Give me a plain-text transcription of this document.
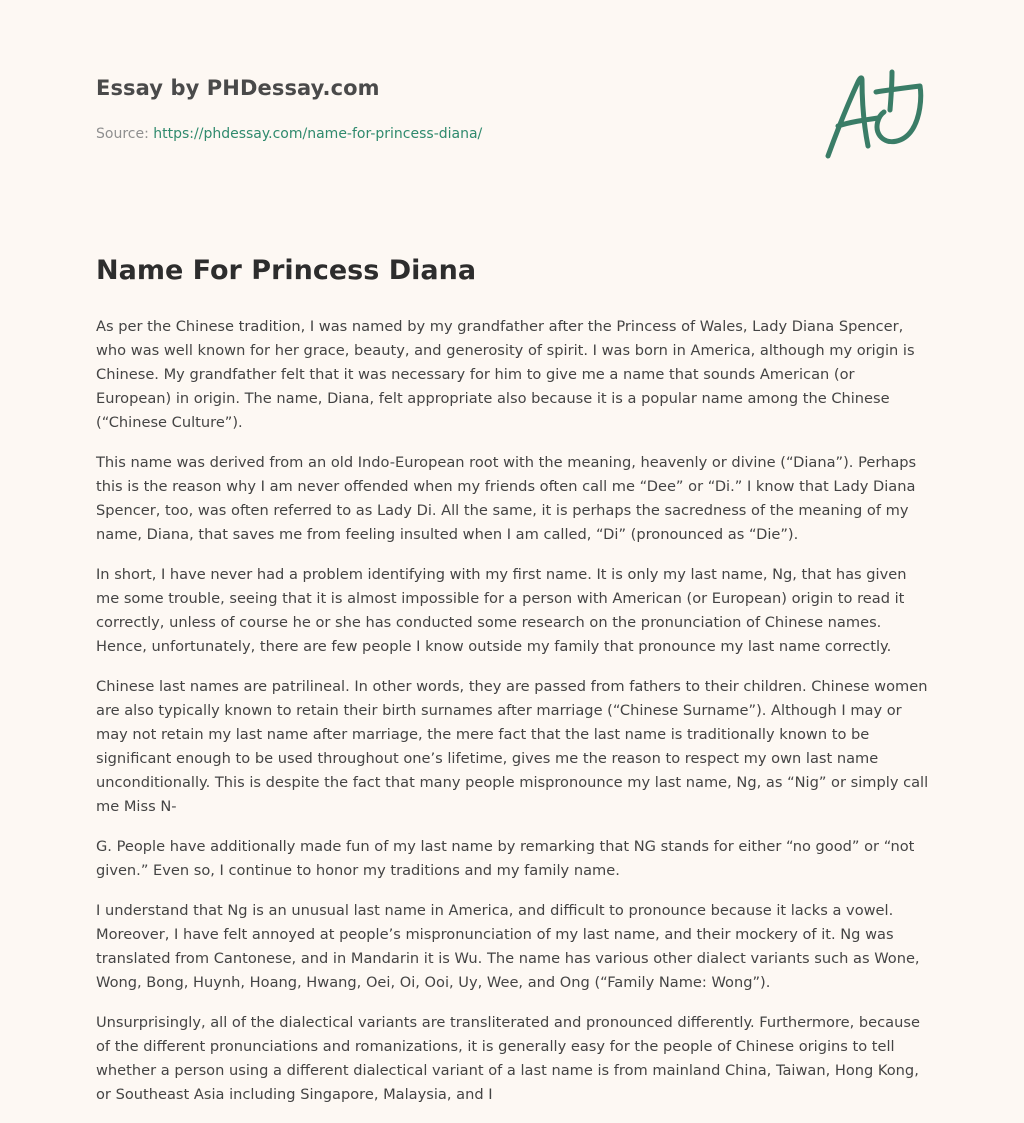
Essay by PHDessay.com
Source: https://phdessay.com/name-for-princess-diana/
Name For Princess Diana

As per the Chinese tradition, I was named by my grandfather after the Princess of Wales, Lady Diana Spencer, who was well known for her grace, beauty, and generosity of spirit. I was born in America, although my origin is Chinese. My grandfather felt that it was necessary for him to give me a name that sounds American (or European) in origin. The name, Diana, felt appropriate also because it is a popular name among the Chinese (“Chinese Culture”).

This name was derived from an old Indo-European root with the meaning, heavenly or divine (“Diana”). Perhaps this is the reason why I am never offended when my friends often call me “Dee” or “Di.” I know that Lady Diana Spencer, too, was often referred to as Lady Di. All the same, it is perhaps the sacredness of the meaning of my name, Diana, that saves me from feeling insulted when I am called, “Di” (pronounced as “Die”).

In short, I have never had a problem identifying with my first name. It is only my last name, Ng, that has given me some trouble, seeing that it is almost impossible for a person with American (or European) origin to read it correctly, unless of course he or she has conducted some research on the pronunciation of Chinese names. Hence, unfortunately, there are few people I know outside my family that pronounce my last name correctly.

Chinese last names are patrilineal. In other words, they are passed from fathers to their children. Chinese women are also typically known to retain their birth surnames after marriage (“Chinese Surname”). Although I may or may not retain my last name after marriage, the mere fact that the last name is traditionally known to be significant enough to be used throughout one’s lifetime, gives me the reason to respect my own last name unconditionally. This is despite the fact that many people mispronounce my last name, Ng, as “Nig” or simply call me Miss N-

G. People have additionally made fun of my last name by remarking that NG stands for either “no good” or “not given.” Even so, I continue to honor my traditions and my family name.

I understand that Ng is an unusual last name in America, and difficult to pronounce because it lacks a vowel. Moreover, I have felt annoyed at people’s mispronunciation of my last name, and their mockery of it. Ng was translated from Cantonese, and in Mandarin it is Wu. The name has various other dialect variants such as Wone, Wong, Bong, Huynh, Hoang, Hwang, Oei, Oi, Ooi, Uy, Wee, and Ong (“Family Name: Wong”).

Unsurprisingly, all of the dialectical variants are transliterated and pronounced differently. Furthermore, because of the different pronunciations and romanizations, it is generally easy for the people of Chinese origins to tell whether a person using a different dialectical variant of a last name is from mainland China, Taiwan, Hong Kong, or Southeast Asia including Singapore, Malaysia, and I
